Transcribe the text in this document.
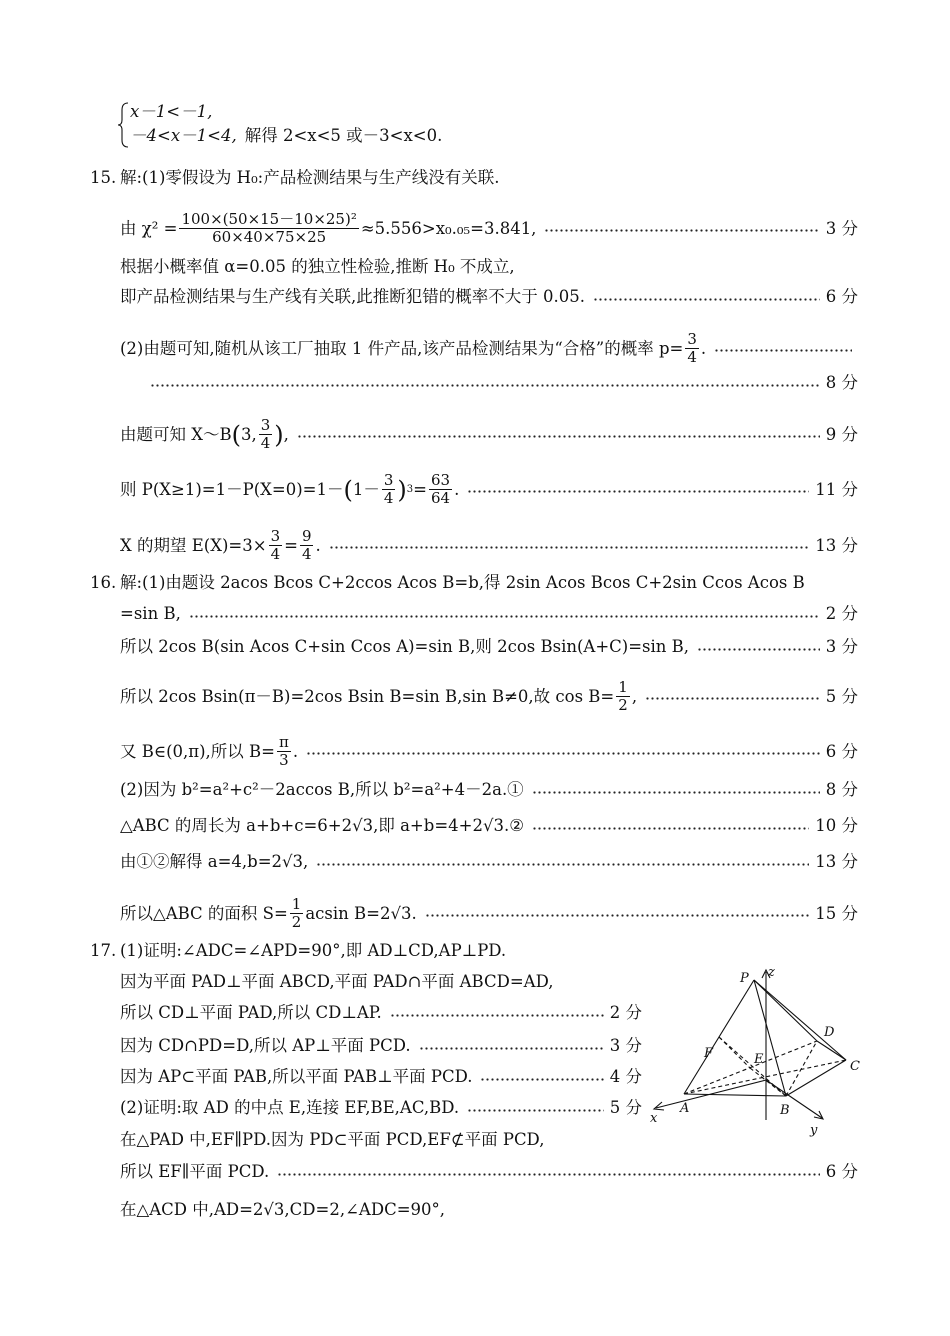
x－1<－1,
－4<x－1<4, 解得 2<x<5 或－3<x<0.
15. 解:(1)零假设为 H₀:产品检测结果与生产线没有关联.
由 $\chi^2 = \frac{\text{100×(50×15－10×25)²}}{60\times 40\times 75\times 25} \approx 5.556>x_0._{05}=3.841$,	3 分
根据小概率值 α=0.05 的独立性检验,推断 H₀ 不成立,
即产品检测结果与生产线有关联,此推断犯错的概率不大于 0.05.	6 分
(2)由题可知,随机从该工厂抽取 1 件产品,该产品检测结果为“合格”的概率 $p= \frac{3}{4}$ .
8 分
由题可知 X～B ( 3, $\frac{3}{4}$ ) ,	9 分
则 P(X≥1)=1－P(X=0)=1－ ( $1- \frac{3}{4}$ ) $3 = \frac{63}{64}$ .	11 分
X 的期望 $E(X)=3\times \frac{3}{4} = \frac{9}{4}$ .	13 分
16. 解:(1)由题设 2acos Bcos C+2ccos Acos B=b,得 2sin Acos Bcos C+2sin Ccos Acos B
=sin B,	2 分
所以 2cos B(sin Acos C+sin Ccos A)=sin B,则 2cos Bsin(A+C)=sin B,	3 分
所以 2cos Bsin(π－B)=2cos Bsin B=sin B,sin B≠0,故 $\cos B= \frac{1}{2}$ ,	5 分
又 B∈(0,π),所以 $B= \frac{\pi}{3}$ .	6 分
(2)因为 b²=a²+c²－2accos B,所以 b²=a²+4－2a.①	8 分
△ABC 的周长为 a+b+c=6+2√3,即 a+b=4+2√3.②	10 分
由①②解得 a=4,b=2√3,	13 分
所以△ABC 的面积 $S= \frac{1}{2}$ acsin B=2√3.	15 分
17. (1)证明:∠ADC=∠APD=90°,即 AD⊥CD,AP⊥PD.
因为平面 PAD⊥平面 ABCD,平面 PAD∩平面 ABCD=AD,
所以 CD⊥平面 PAD,所以 CD⊥AP.	2 分
因为 CD∩PD=D,所以 AP⊥平面 PCD.	3 分
因为 AP⊂平面 PAB,所以平面 PAB⊥平面 PCD.	4 分
(2)证明:取 AD 的中点 E,连接 EF,BE,AC,BD.	5 分
在△PAD 中,EF∥PD.因为 PD⊂平面 PCD,EF⊄平面 PCD,
所以 EF∥平面 PCD.	6 分
在△ACD 中,AD=2√3,CD=2,∠ADC=90°,
z
P
D
F	E	C
x
A	B
y
